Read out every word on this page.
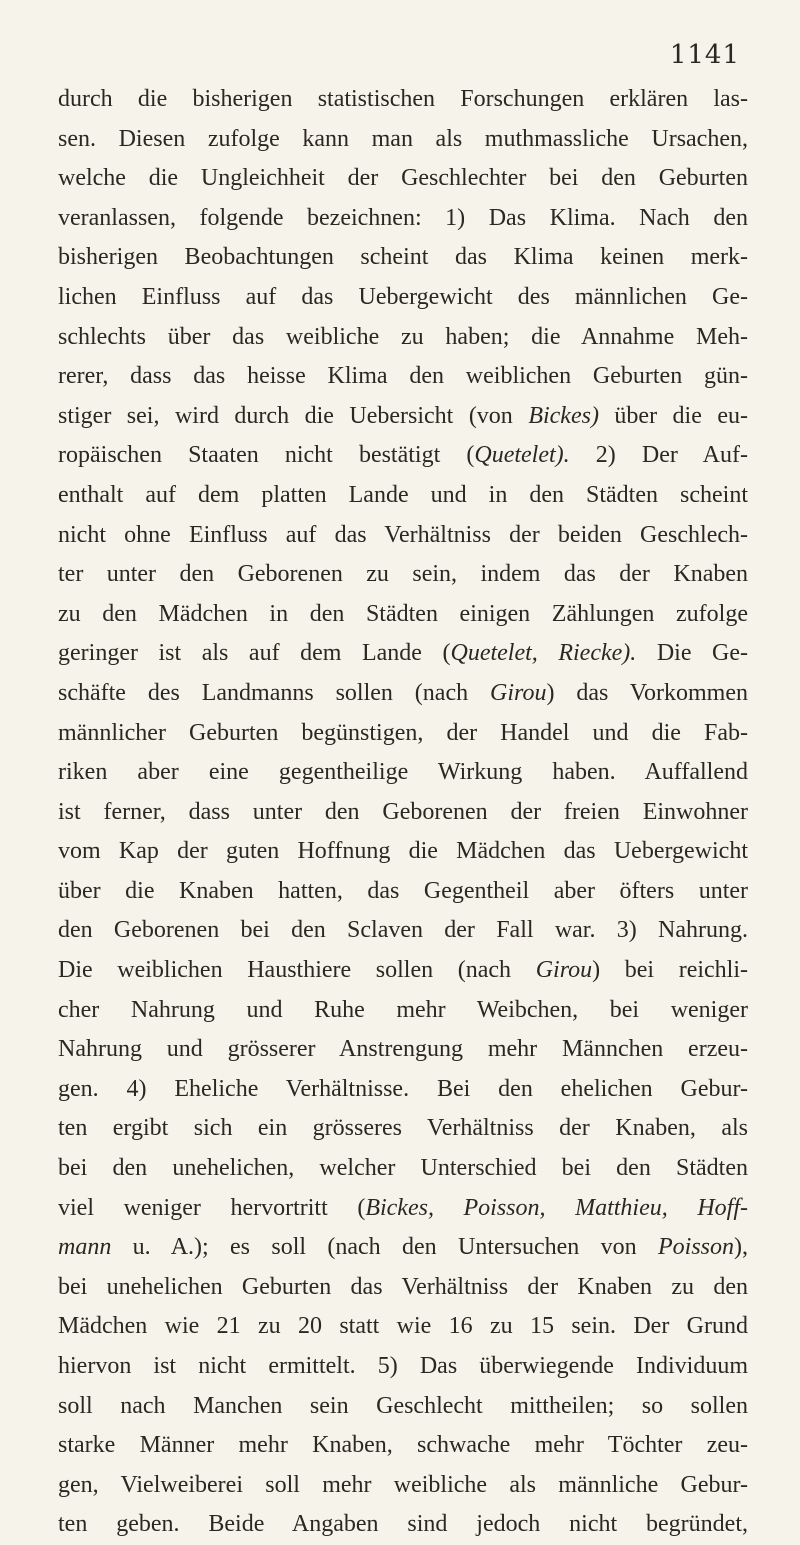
1141
durch die bisherigen statistischen Forschungen erklären las-
sen. Diesen zufolge kann man als muthmassliche Ursachen,
welche die Ungleichheit der Geschlechter bei den Geburten
veranlassen, folgende bezeichnen: 1) Das Klima. Nach den
bisherigen Beobachtungen scheint das Klima keinen merk-
lichen Einfluss auf das Uebergewicht des männlichen Ge-
schlechts über das weibliche zu haben; die Annahme Meh-
rerer, dass das heisse Klima den weiblichen Geburten gün-
stiger sei, wird durch die Uebersicht (von Bickes) über die eu-
ropäischen Staaten nicht bestätigt (Quetelet). 2) Der Auf-
enthalt auf dem platten Lande und in den Städten scheint
nicht ohne Einfluss auf das Verhältniss der beiden Geschlech-
ter unter den Geborenen zu sein, indem das der Knaben
zu den Mädchen in den Städten einigen Zählungen zufolge
geringer ist als auf dem Lande (Quetelet, Riecke). Die Ge-
schäfte des Landmanns sollen (nach Girou) das Vorkommen
männlicher Geburten begünstigen, der Handel und die Fab-
riken aber eine gegentheilige Wirkung haben. Auffallend
ist ferner, dass unter den Geborenen der freien Einwohner
vom Kap der guten Hoffnung die Mädchen das Uebergewicht
über die Knaben hatten, das Gegentheil aber öfters unter
den Geborenen bei den Sclaven der Fall war. 3) Nahrung.
Die weiblichen Hausthiere sollen (nach Girou) bei reichli-
cher Nahrung und Ruhe mehr Weibchen, bei weniger
Nahrung und grösserer Anstrengung mehr Männchen erzeu-
gen. 4) Eheliche Verhältnisse. Bei den ehelichen Gebur-
ten ergibt sich ein grösseres Verhältniss der Knaben, als
bei den unehelichen, welcher Unterschied bei den Städten
viel weniger hervortritt (Bickes, Poisson, Matthieu, Hoff-
mann u. A.); es soll (nach den Untersuchen von Poisson),
bei unehelichen Geburten das Verhältniss der Knaben zu den
Mädchen wie 21 zu 20 statt wie 16 zu 15 sein. Der Grund
hiervon ist nicht ermittelt. 5) Das überwiegende Individuum
soll nach Manchen sein Geschlecht mittheilen; so sollen
starke Männer mehr Knaben, schwache mehr Töchter zeu-
gen, Vielweiberei soll mehr weibliche als männliche Gebur-
ten geben. Beide Angaben sind jedoch nicht begründet,
